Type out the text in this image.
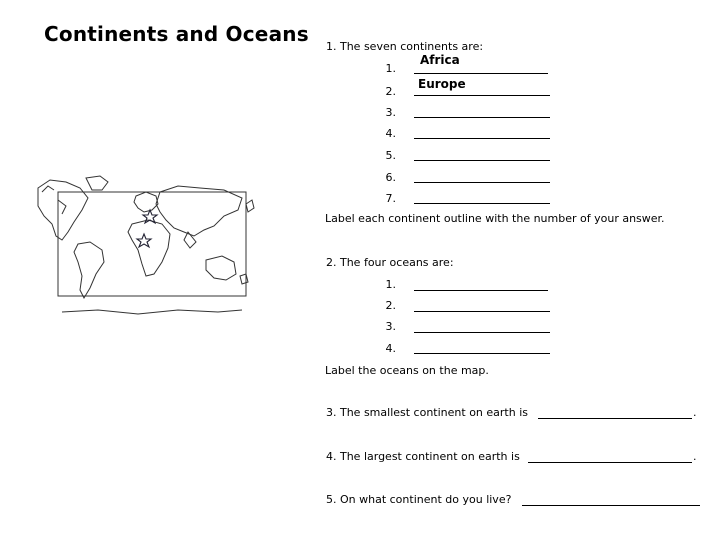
Continents and Oceans
1. The seven continents are:
1.
Africa
2.
Europe
3.
4.
5.
6.
7.
Label each continent outline with the number of your answer.
2. The four oceans are:
1.
2.
3.
4.
Label the oceans on the map.
3. The smallest continent on earth is	.
4. The largest continent on earth is	.
5. On what continent do you live?
